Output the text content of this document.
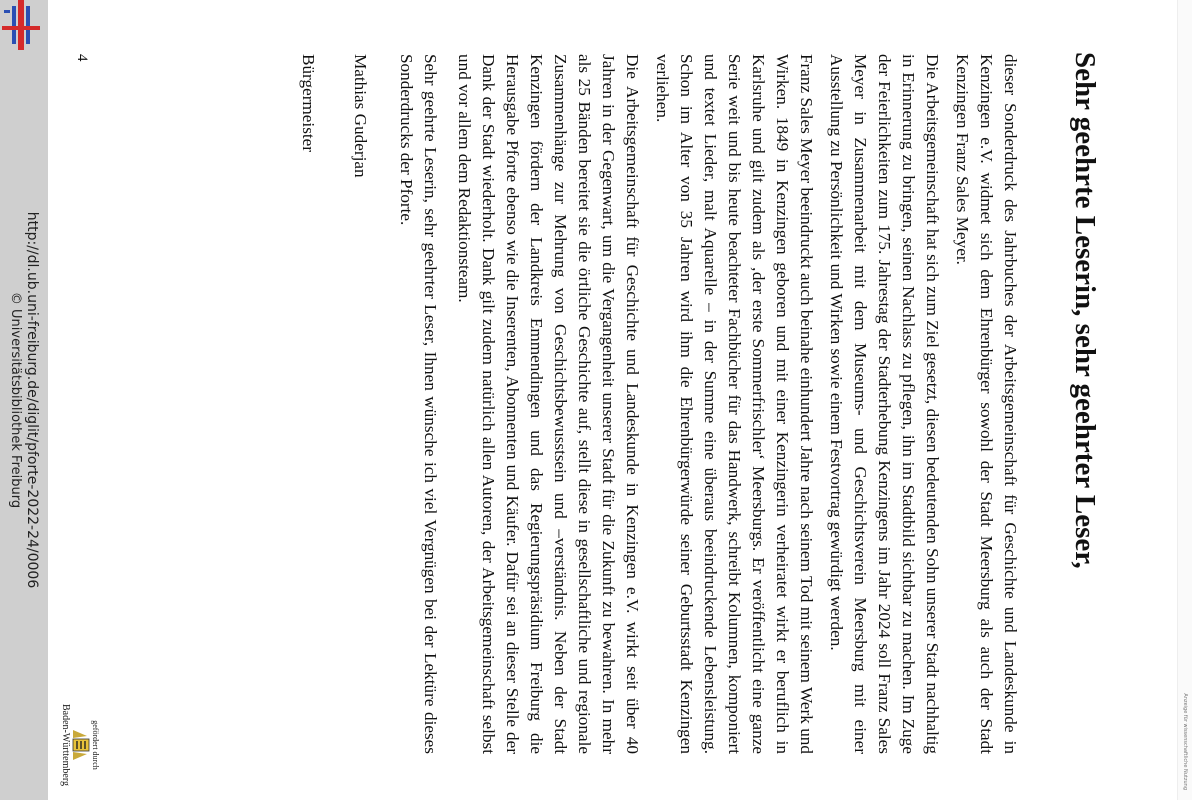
http://dl.ub.uni-freiburg.de/diglit/pforte-2022-24/0006
© Universitätsbibliothek Freiburg
gefördert durch
Baden-Württemberg	Anzeige für wissenschaftliche Nutzung
Sehr geehrte Leserin, sehr geehrter Leser,

dieser Sonderdruck des Jahrbuches der Arbeitsgemeinschaft für Geschichte und Landeskunde in Kenzingen e.V. widmet sich dem Ehrenbürger sowohl der Stadt Meersburg als auch der Stadt Kenzingen Franz Sales Meyer.

Die Arbeitsgemeinschaft hat sich zum Ziel gesetzt, diesen bedeutenden Sohn unserer Stadt nachhaltig in Erinnerung zu bringen, seinen Nachlass zu pflegen, ihn im Stadtbild sichtbar zu machen. Im Zuge der Feierlichkeiten zum 175. Jahrestag der Stadterhebung Kenzingens im Jahr 2024 soll Franz Sales Meyer in Zusammenarbeit mit dem Museums- und Geschichtsverein Meersburg mit einer Ausstellung zu Persönlichkeit und Wirken sowie einem Festvortrag gewürdigt werden.

Franz Sales Meyer beeindruckt auch beinahe einhundert Jahre nach seinem Tod mit seinem Werk und Wirken. 1849 in Kenzingen geboren und mit einer Kenzingerin verheiratet wirkt er beruflich in Karlsruhe und gilt zudem als ‚der erste Sommerfrischler‘ Meersburgs. Er veröffentlicht eine ganze Serie weit und bis heute beachteter Fachbücher für das Handwerk, schreibt Kolumnen, komponiert und textet Lieder, malt Aquarelle – in der Summe eine überaus beeindruckende Lebensleistung. Schon im Alter von 35 Jahren wird ihm die Ehrenbürgerwürde seiner Geburtsstadt Kenzingen verliehen.

Die Arbeitsgemeinschaft für Geschichte und Landeskunde in Kenzingen e.V. wirkt seit über 40 Jahren in der Gegenwart, um die Vergangenheit unserer Stadt für die Zukunft zu bewahren. In mehr als 25 Bänden bereitet sie die örtliche Geschichte auf, stellt diese in gesellschaftliche und regionale Zusammenhänge zur Mehrung von Geschichtsbewusstsein und –verständnis. Neben der Stadt Kenzingen fördern der Landkreis Emmendingen und das Regierungspräsidium Freiburg die Herausgabe Pforte ebenso wie die Inserenten, Abonnenten und Käufer. Dafür sei an dieser Stelle der Dank der Stadt wiederholt. Dank gilt zudem natürlich allen Autoren, der Arbeitsgemeinschaft selbst und vor allem dem Redaktionsteam.

Sehr geehrte Leserin, sehr geehrter Leser, Ihnen wünsche ich viel Vergnügen bei der Lektüre dieses Sonderdrucks der Pforte.

Mathias Guderjan

Bürgermeister

4
